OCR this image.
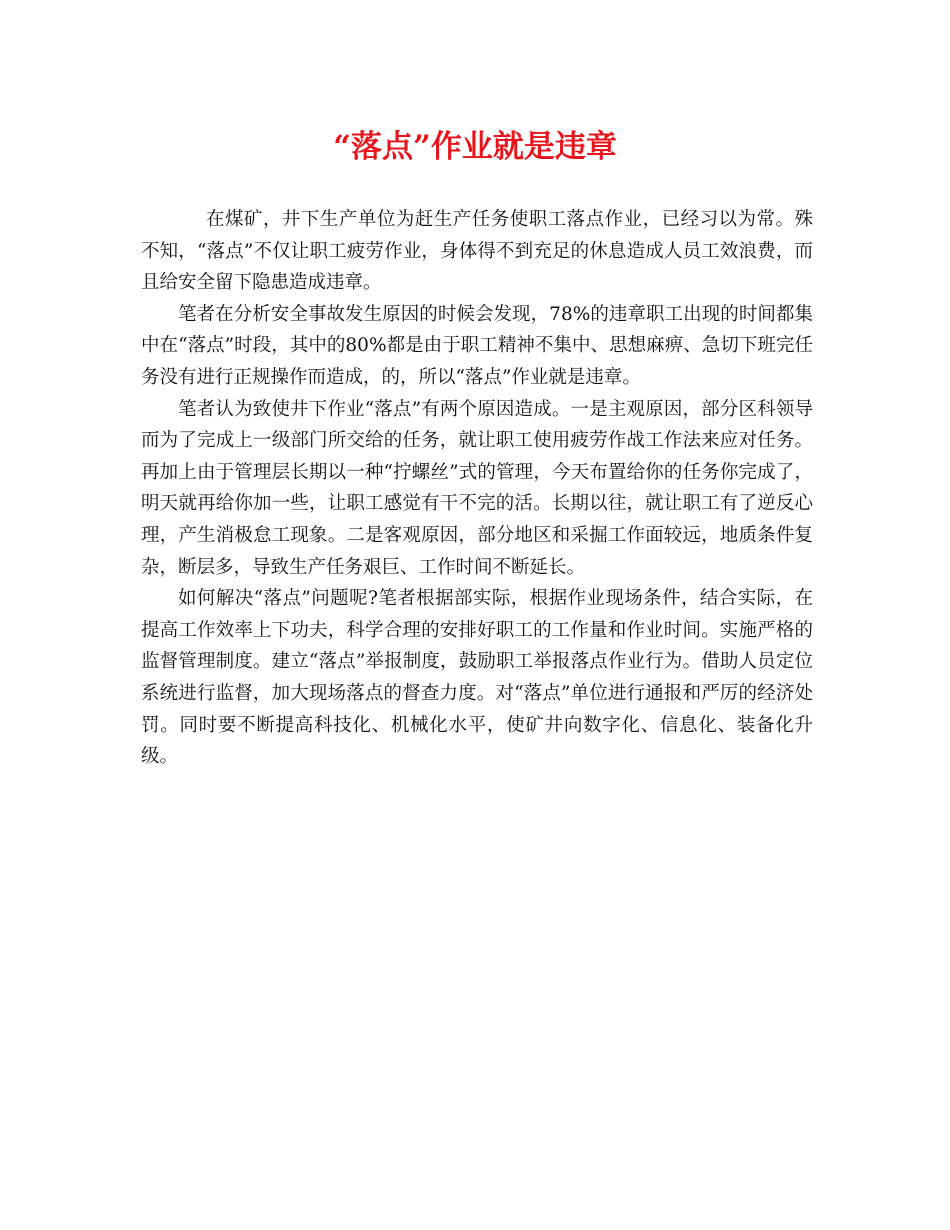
“落点”作业就是违章

在煤矿，井下生产单位为赶生产任务使职工落点作业，已经习以为常。殊不知，“落点”不仅让职工疲劳作业，身体得不到充足的休息造成人员工效浪费，而且给安全留下隐患造成违章。

笔者在分析安全事故发生原因的时候会发现，78%的违章职工出现的时间都集中在“落点”时段，其中的80%都是由于职工精神不集中、思想麻痹、急切下班完任务没有进行正规操作而造成，的，所以“落点”作业就是违章。

笔者认为致使井下作业“落点”有两个原因造成。一是主观原因，部分区科领导而为了完成上一级部门所交给的任务，就让职工使用疲劳作战工作法来应对任务。再加上由于管理层长期以一种“拧螺丝”式的管理，今天布置给你的任务你完成了，明天就再给你加一些，让职工感觉有干不完的活。长期以往，就让职工有了逆反心理，产生消极怠工现象。二是客观原因，部分地区和采掘工作面较远，地质条件复杂，断层多，导致生产任务艰巨、工作时间不断延长。

如何解决“落点”问题呢?笔者根据部实际，根据作业现场条件，结合实际，在提高工作效率上下功夫，科学合理的安排好职工的工作量和作业时间。实施严格的监督管理制度。建立“落点”举报制度，鼓励职工举报落点作业行为。借助人员定位系统进行监督，加大现场落点的督查力度。对“落点”单位进行通报和严厉的经济处罚。同时要不断提高科技化、机械化水平，使矿井向数字化、信息化、装备化升级。
